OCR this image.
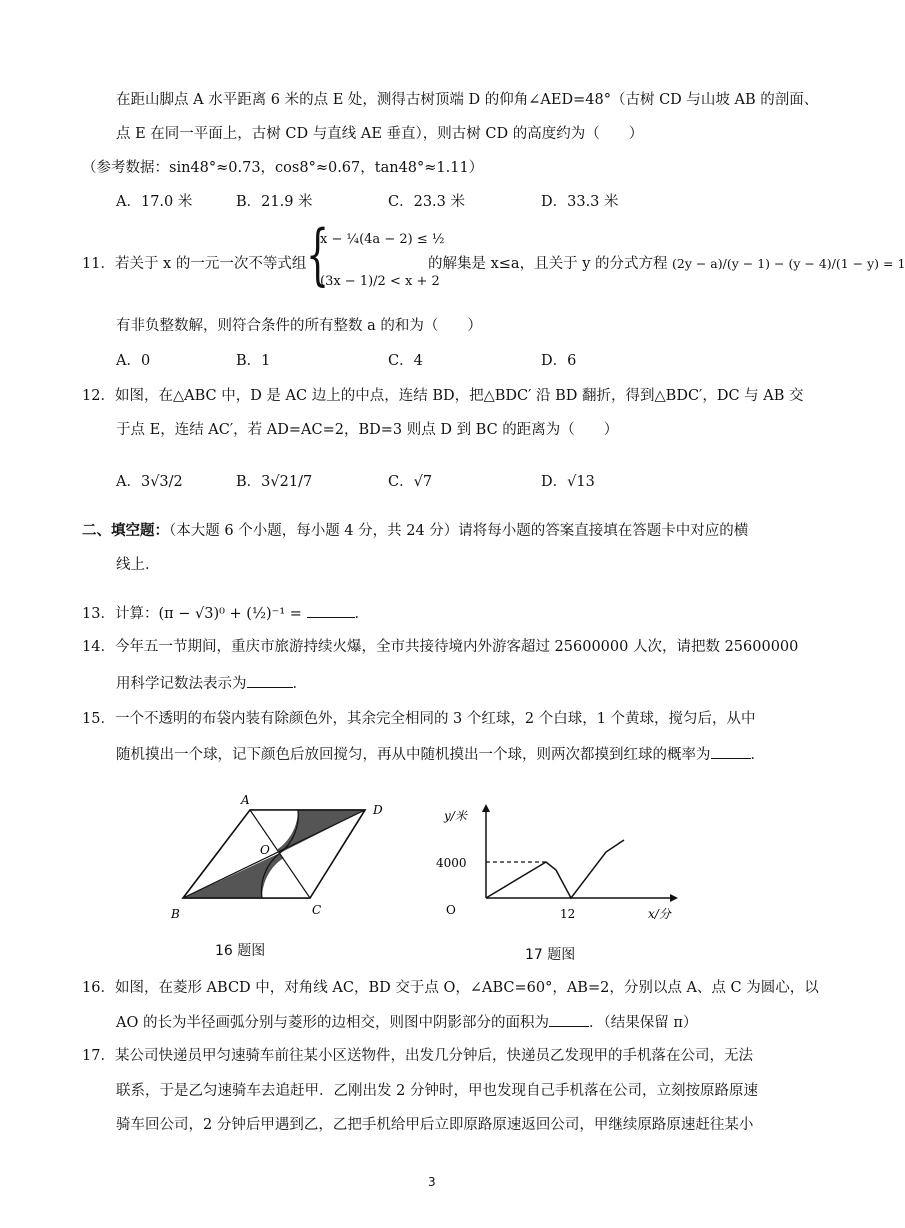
在距山脚点 A 水平距离 6 米的点 E 处，测得古树顶端 D 的仰角∠AED=48°（古树 CD 与山坡 AB 的剖面、
点 E 在同一平面上，古树 CD 与直线 AE 垂直），则古树 CD 的高度约为（　　）
（参考数据：sin48°≈0.73，cos8°≈0.67，tan48°≈1.11）
A．17.0 米	B．21.9 米	C．23.3 米	D．33.3 米
11．若关于 x 的一元一次不等式组 {
x − ¼(4a − 2) ≤ ½
(3x − 1)/2 < x + 2
的解集是 x≤a，且关于 y 的分式方程 (2y − a)/(y − 1) − (y − 4)/(1 − y) = 1
有非负整数解，则符合条件的所有整数 a 的和为（　　）
A．0	B．1	C．4	D．6
12．如图，在△ABC 中，D 是 AC 边上的中点，连结 BD，把△BDC′ 沿 BD 翻折，得到△BDC′，DC 与 AB 交
于点 E，连结 AC′，若 AD=AC=2，BD=3 则点 D 到 BC 的距离为（　　）
A．3√3/2	B．3√21/7	C．√7	D．√13
二、填空题：（本大题 6 个小题，每小题 4 分，共 24 分）请将每小题的答案直接填在答题卡中对应的横
线上．
13．计算：(π − √3)⁰ + (½)⁻¹ =	．
14．今年五一节期间，重庆市旅游持续火爆，全市共接待境内外游客超过 25600000 人次，请把数 25600000
用科学记数法表示为	．
15．一个不透明的布袋内装有除颜色外，其余完全相同的 3 个红球，2 个白球，1 个黄球，搅匀后，从中
随机摸出一个球，记下颜色后放回搅匀，再从中随机摸出一个球，则两次都摸到红球的概率为	．
A
D
B	C
O
16 题图
y/米
x/分
4000
12
O
17 题图
16．如图，在菱形 ABCD 中，对角线 AC，BD 交于点 O，∠ABC=60°，AB=2，分别以点 A、点 C 为圆心，以
AO 的长为半径画弧分别与菱形的边相交，则图中阴影部分的面积为	．（结果保留 π）
17．某公司快递员甲匀速骑车前往某小区送物件，出发几分钟后，快递员乙发现甲的手机落在公司，无法
联系，于是乙匀速骑车去追赶甲．乙刚出发 2 分钟时，甲也发现自己手机落在公司，立刻按原路原速
骑车回公司，2 分钟后甲遇到乙，乙把手机给甲后立即原路原速返回公司，甲继续原路原速赶往某小
3
